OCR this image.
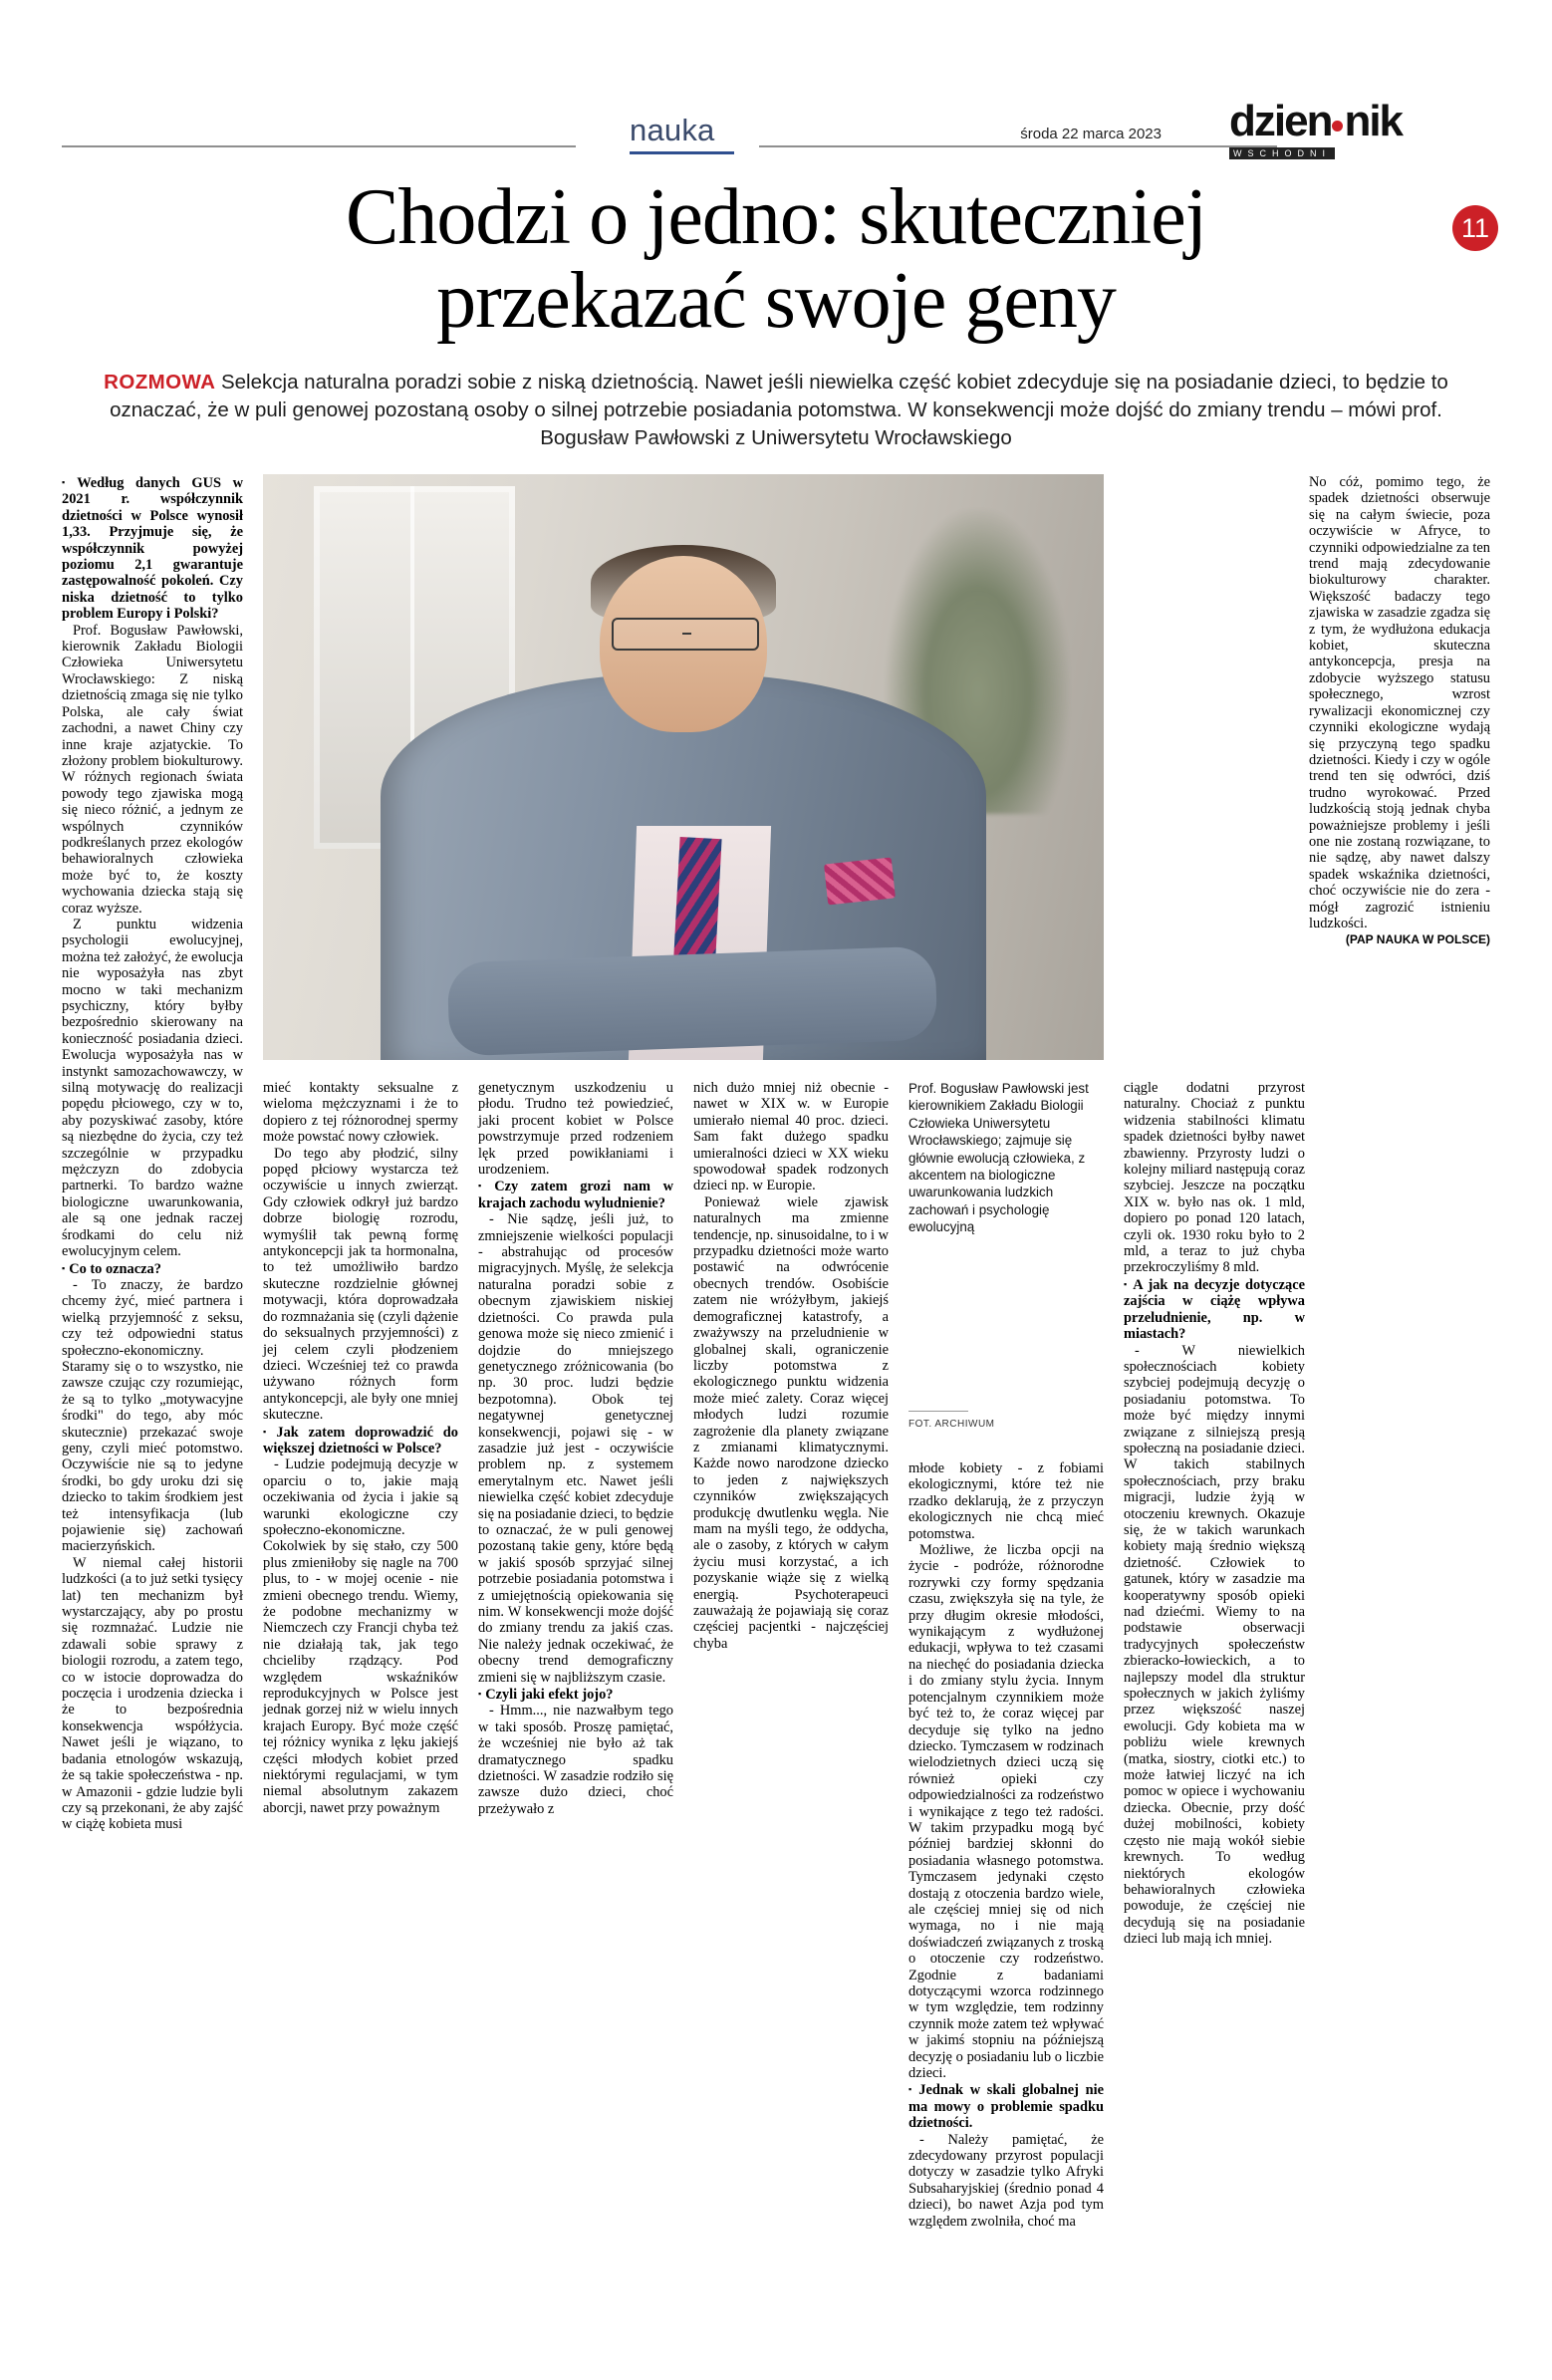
nauka	środa 22 marca 2023 dzien nik
WSCHODNI
11
Chodzi o jedno: skuteczniej
przekazać swoje geny
ROZMOWA Selekcja naturalna poradzi sobie z niską dzietnością. Nawet jeśli niewielka część kobiet zdecyduje się na posiadanie dzieci, to będzie to oznaczać, że w puli genowej pozostaną osoby o silnej potrzebie posiadania potomstwa. W konsekwencji może dojść do zmiany trendu – mówi prof. Bogusław Pawłowski z Uniwersytetu Wrocławskiego
Prof. Bogusław Pawłowski jest kierownikiem Zakładu Biologii Człowieka Uniwersytetu Wrocławskiego; zajmuje się głównie ewolucją człowieka, z akcentem na biologiczne uwarunkowania ludzkich zachowań i psychologię ewolucyjną
FOT. ARCHIWUM

▪ Według danych GUS w 2021 r. współczynnik dzietności w Polsce wynosił 1,33. Przyjmuje się, że współczynnik powyżej poziomu 2,1 gwarantuje zastępowalność pokoleń. Czy niska dzietność to tylko problem Europy i Polski?

Prof. Bogusław Pawłowski, kierownik Zakładu Biologii Człowieka Uniwersytetu Wrocławskiego: Z niską dzietnością zmaga się nie tylko Polska, ale cały świat zachodni, a nawet Chiny czy inne kraje azjatyckie. To złożony problem biokulturowy. W różnych regionach świata powody tego zjawiska mogą się nieco różnić, a jednym ze wspólnych czynników podkreślanych przez ekologów behawioralnych człowieka może być to, że koszty wychowania dziecka stają się coraz wyższe.

Z punktu widzenia psychologii ewolucyjnej, można też założyć, że ewolucja nie wyposażyła nas zbyt mocno w taki mechanizm psychiczny, który byłby bezpośrednio skierowany na konieczność posiadania dzieci. Ewolucja wyposażyła nas w instynkt samozachowawczy, w silną motywację do realizacji popędu płciowego, czy w to, aby pozyskiwać zasoby, które są niezbędne do życia, czy też szczególnie w przypadku mężczyzn do zdobycia partnerki. To bardzo ważne biologiczne uwarunkowania, ale są one jednak raczej środkami do celu niż ewolucyjnym celem.

▪ Co to oznacza?

- To znaczy, że bardzo chcemy żyć, mieć partnera i wielką przyjemność z seksu, czy też odpowiedni status społeczno-ekonomiczny. Staramy się o to wszystko, nie zawsze czując czy rozumiejąc, że są to tylko „motywacyjne środki" do tego, aby móc skutecznie) przekazać swoje geny, czyli mieć potomstwo. Oczywiście nie są to jedyne środki, bo gdy uroku dzi się dziecko to takim środkiem jest też intensyfikacja (lub pojawienie się) zachowań macierzyńskich.

W niemal całej historii ludzkości (a to już setki tysięcy lat) ten mechanizm był wystarczający, aby po prostu się rozmnażać. Ludzie nie zdawali sobie sprawy z biologii rozrodu, a zatem tego, co w istocie doprowadza do poczęcia i urodzenia dziecka i że to bezpośrednia konsekwencja współżycia. Nawet jeśli je wiązano, to badania etnologów wskazują, że są takie społeczeństwa - np. w Amazonii - gdzie ludzie byli czy są przekonani, że aby zajść w ciążę kobieta musi

mieć kontakty seksualne z wieloma mężczyznami i że to dopiero z tej różnorodnej spermy może powstać nowy człowiek.

Do tego aby płodzić, silny popęd płciowy wystarcza też oczywiście u innych zwierząt. Gdy człowiek odkrył już bardzo dobrze biologię rozrodu, wymyślił tak pewną formę antykoncepcji jak ta hormonalna, to też umożliwiło bardzo skuteczne rozdzielnie głównej motywacji, która doprowadzała do rozmnażania się (czyli dążenie do seksualnych przyjemności) z jej celem czyli płodzeniem dzieci. Wcześniej też co prawda używano różnych form antykoncepcji, ale były one mniej skuteczne.

▪ Jak zatem doprowadzić do większej dzietności w Polsce?

- Ludzie podejmują decyzje w oparciu o to, jakie mają oczekiwania od życia i jakie są warunki ekologiczne czy społeczno-ekonomiczne. Cokolwiek by się stało, czy 500 plus zmieniłoby się nagle na 700 plus, to - w mojej ocenie - nie zmieni obecnego trendu. Wiemy, że podobne mechanizmy w Niemczech czy Francji chyba też nie działają tak, jak tego chcieliby rządzący. Pod względem wskaźników reprodukcyjnych w Polsce jest jednak gorzej niż w wielu innych krajach Europy. Być może część tej różnicy wynika z lęku jakiejś części młodych kobiet przed niektórymi regulacjami, w tym niemal absolutnym zakazem aborcji, nawet przy poważnym

genetycznym uszkodzeniu u płodu. Trudno też powiedzieć, jaki procent kobiet w Polsce powstrzymuje przed rodzeniem lęk przed powikłaniami i urodzeniem.

▪ Czy zatem grozi nam w krajach zachodu wyludnienie?

- Nie sądzę, jeśli już, to zmniejszenie wielkości populacji - abstrahując od procesów migracyjnych. Myślę, że selekcja naturalna poradzi sobie z obecnym zjawiskiem niskiej dzietności. Co prawda pula genowa może się nieco zmienić i dojdzie do mniejszego genetycznego zróżnicowania (bo np. 30 proc. ludzi będzie bezpotomna). Obok tej negatywnej genetycznej konsekwencji, pojawi się - w zasadzie już jest - oczywiście problem np. z systemem emerytalnym etc. Nawet jeśli niewielka część kobiet zdecyduje się na posiadanie dzieci, to będzie to oznaczać, że w puli genowej pozostaną takie geny, które będą w jakiś sposób sprzyjać silnej potrzebie posiadania potomstwa i z umiejętnością opiekowania się nim. W konsekwencji może dojść do zmiany trendu za jakiś czas. Nie należy jednak oczekiwać, że obecny trend demograficzny zmieni się w najbliższym czasie.

▪ Czyli jaki efekt jojo?

- Hmm..., nie nazwałbym tego w taki sposób. Proszę pamiętać, że wcześniej nie było aż tak dramatycznego spadku dzietności. W zasadzie rodziło się zawsze dużo dzieci, choć przeżywało z

nich dużo mniej niż obecnie - nawet w XIX w. w Europie umierało niemal 40 proc. dzieci. Sam fakt dużego spadku umieralności dzieci w XX wieku spowodował spadek rodzonych dzieci np. w Europie.

Ponieważ wiele zjawisk naturalnych ma zmienne tendencje, np. sinusoidalne, to i w przypadku dzietności może warto postawić na odwrócenie obecnych trendów. Osobiście zatem nie wróżyłbym, jakiejś demograficznej katastrofy, a zważywszy na przeludnienie w globalnej skali, ograniczenie liczby potomstwa z ekologicznego punktu widzenia może mieć zalety. Coraz więcej młodych ludzi rozumie zagrożenie dla planety związane z zmianami klimatycznymi. Każde nowo narodzone dziecko to jeden z największych czynników zwiększających produkcję dwutlenku węgla. Nie mam na myśli tego, że oddycha, ale o zasoby, z których w całym życiu musi korzystać, a ich pozyskanie wiąże się z wielką energią. Psychoterapeuci zauważają że pojawiają się coraz częściej pacjentki - najczęściej chyba

młode kobiety - z fobiami ekologicznymi, które też nie rzadko deklarują, że z przyczyn ekologicznych nie chcą mieć potomstwa.

Możliwe, że liczba opcji na życie - podróże, różnorodne rozrywki czy formy spędzania czasu, zwiększyła się na tyle, że przy długim okresie młodości, wynikającym z wydłużonej edukacji, wpływa to też czasami na niechęć do posiadania dziecka i do zmiany stylu życia. Innym potencjalnym czynnikiem może być też to, że coraz więcej par decyduje się tylko na jedno dziecko. Tymczasem w rodzinach wielodzietnych dzieci uczą się również opieki czy odpowiedzialności za rodzeństwo i wynikające z tego też radości. W takim przypadku mogą być później bardziej skłonni do posiadania własnego potomstwa. Tymczasem jedynaki często dostają z otoczenia bardzo wiele, ale częściej mniej się od nich wymaga, no i nie mają doświadczeń związanych z troską o otoczenie czy rodzeństwo. Zgodnie z badaniami dotyczącymi wzorca rodzinnego w tym względzie, tem rodzinny czynnik może zatem też wpływać w jakimś stopniu na późniejszą decyzję o posiadaniu lub o liczbie dzieci.

▪ Jednak w skali globalnej nie ma mowy o problemie spadku dzietności.

- Należy pamiętać, że zdecydowany przyrost populacji dotyczy w zasadzie tylko Afryki Subsaharyjskiej (średnio ponad 4 dzieci), bo nawet Azja pod tym względem zwolniła, choć ma

ciągle dodatni przyrost naturalny. Chociaż z punktu widzenia stabilności klimatu spadek dzietności byłby nawet zbawienny. Przyrosty ludzi o kolejny miliard następują coraz szybciej. Jeszcze na początku XIX w. było nas ok. 1 mld, dopiero po ponad 120 latach, czyli ok. 1930 roku było to 2 mld, a teraz to już chyba przekroczyliśmy 8 mld.

▪ A jak na decyzje dotyczące zajścia w ciążę wpływa przeludnienie, np. w miastach?

- W niewielkich społecznościach kobiety szybciej podejmują decyzję o posiadaniu potomstwa. To może być między innymi związane z silniejszą presją społeczną na posiadanie dzieci. W takich stabilnych społecznościach, przy braku migracji, ludzie żyją w otoczeniu krewnych. Okazuje się, że w takich warunkach kobiety mają średnio większą dzietność. Człowiek to gatunek, który w zasadzie ma kooperatywny sposób opieki nad dziećmi. Wiemy to na podstawie obserwacji tradycyjnych społeczeństw zbieracko-łowieckich, a to najlepszy model dla struktur społecznych w jakich żyliśmy przez większość naszej ewolucji. Gdy kobieta ma w pobliżu wiele krewnych (matka, siostry, ciotki etc.) to może łatwiej liczyć na ich pomoc w opiece i wychowaniu dziecka. Obecnie, przy dość dużej mobilności, kobiety często nie mają wokół siebie krewnych. To według niektórych ekologów behawioralnych człowieka powoduje, że częściej nie decydują się na posiadanie dzieci lub mają ich mniej.

No cóż, pomimo tego, że spadek dzietności obserwuje się na całym świecie, poza oczywiście w Afryce, to czynniki odpowiedzialne za ten trend mają zdecydowanie biokulturowy charakter. Większość badaczy tego zjawiska w zasadzie zgadza się z tym, że wydłużona edukacja kobiet, skuteczna antykoncepcja, presja na zdobycie wyższego statusu społecznego, wzrost rywalizacji ekonomicznej czy czynniki ekologiczne wydają się przyczyną tego spadku dzietności. Kiedy i czy w ogóle trend ten się odwróci, dziś trudno wyrokować. Przed ludzkością stoją jednak chyba poważniejsze problemy i jeśli one nie zostaną rozwiązane, to nie sądzę, aby nawet dalszy spadek wskaźnika dzietności, choć oczywiście nie do zera - mógł zagrozić istnieniu ludzkości.

(PAP NAUKA W POLSCE)
